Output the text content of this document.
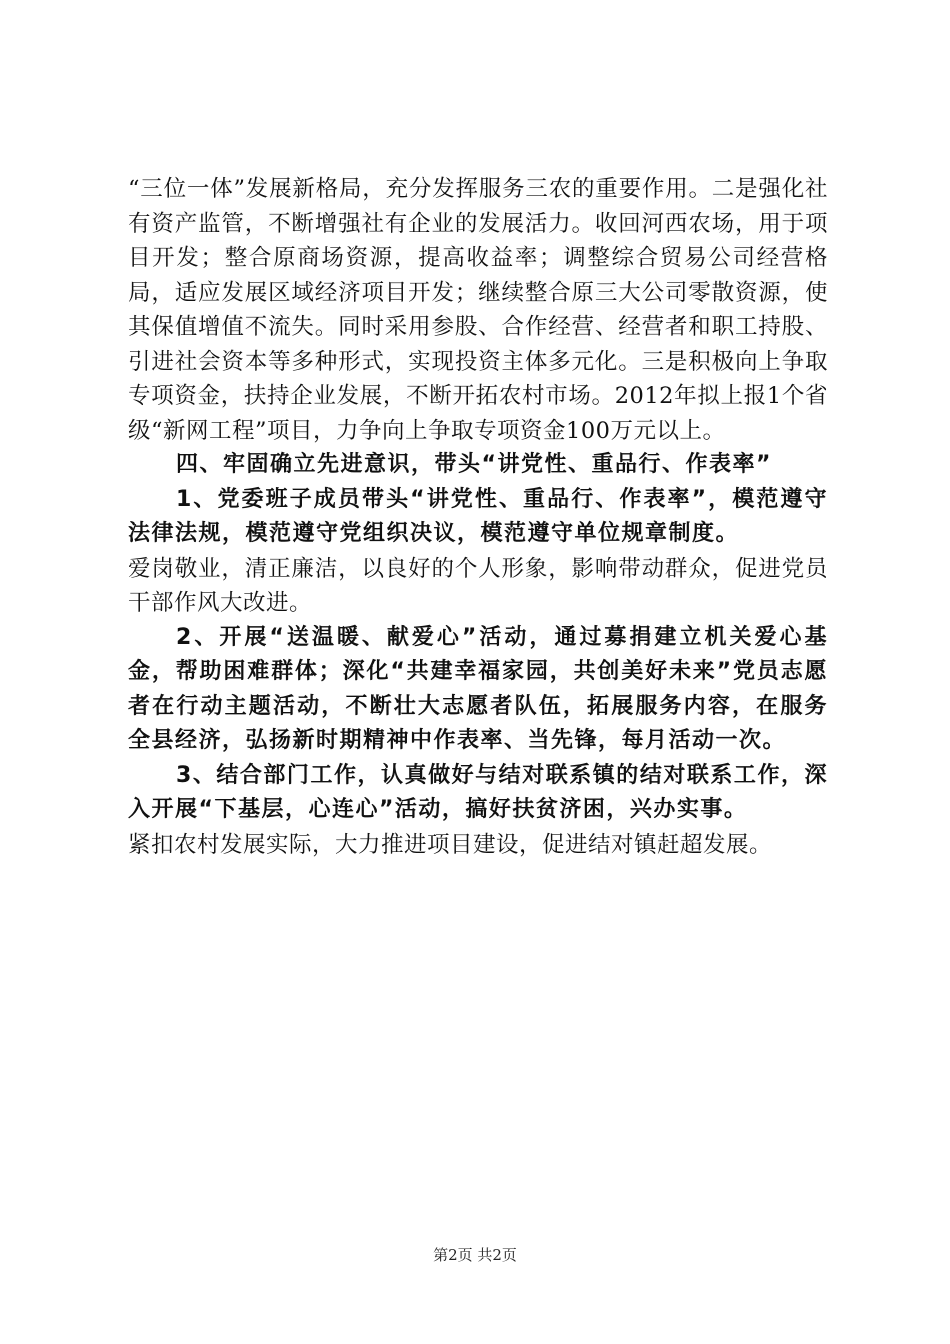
“三位一体”发展新格局，充分发挥服务三农的重要作用。二是强化社有资产监管，不断增强社有企业的发展活力。收回河西农场，用于项目开发；整合原商场资源，提高收益率；调整综合贸易公司经营格局，适应发展区域经济项目开发；继续整合原三大公司零散资源，使其保值增值不流失。同时采用参股、合作经营、经营者和职工持股、引进社会资本等多种形式，实现投资主体多元化。三是积极向上争取专项资金，扶持企业发展，不断开拓农村市场。2012年拟上报1个省级“新网工程”项目，力争向上争取专项资金100万元以上。

四、牢固确立先进意识，带头“讲党性、重品行、作表率”

1、党委班子成员带头“讲党性、重品行、作表率”，模范遵守法律法规，模范遵守党组织决议，模范遵守单位规章制度。

爱岗敬业，清正廉洁，以良好的个人形象，影响带动群众，促进党员干部作风大改进。

2、开展“送温暖、献爱心”活动，通过募捐建立机关爱心基金，帮助困难群体；深化“共建幸福家园，共创美好未来”党员志愿者在行动主题活动，不断壮大志愿者队伍，拓展服务内容，在服务全县经济，弘扬新时期精神中作表率、当先锋，每月活动一次。

3、结合部门工作，认真做好与结对联系镇的结对联系工作，深入开展“下基层，心连心”活动，搞好扶贫济困，兴办实事。

紧扣农村发展实际，大力推进项目建设，促进结对镇赶超发展。

第2页 共2页
